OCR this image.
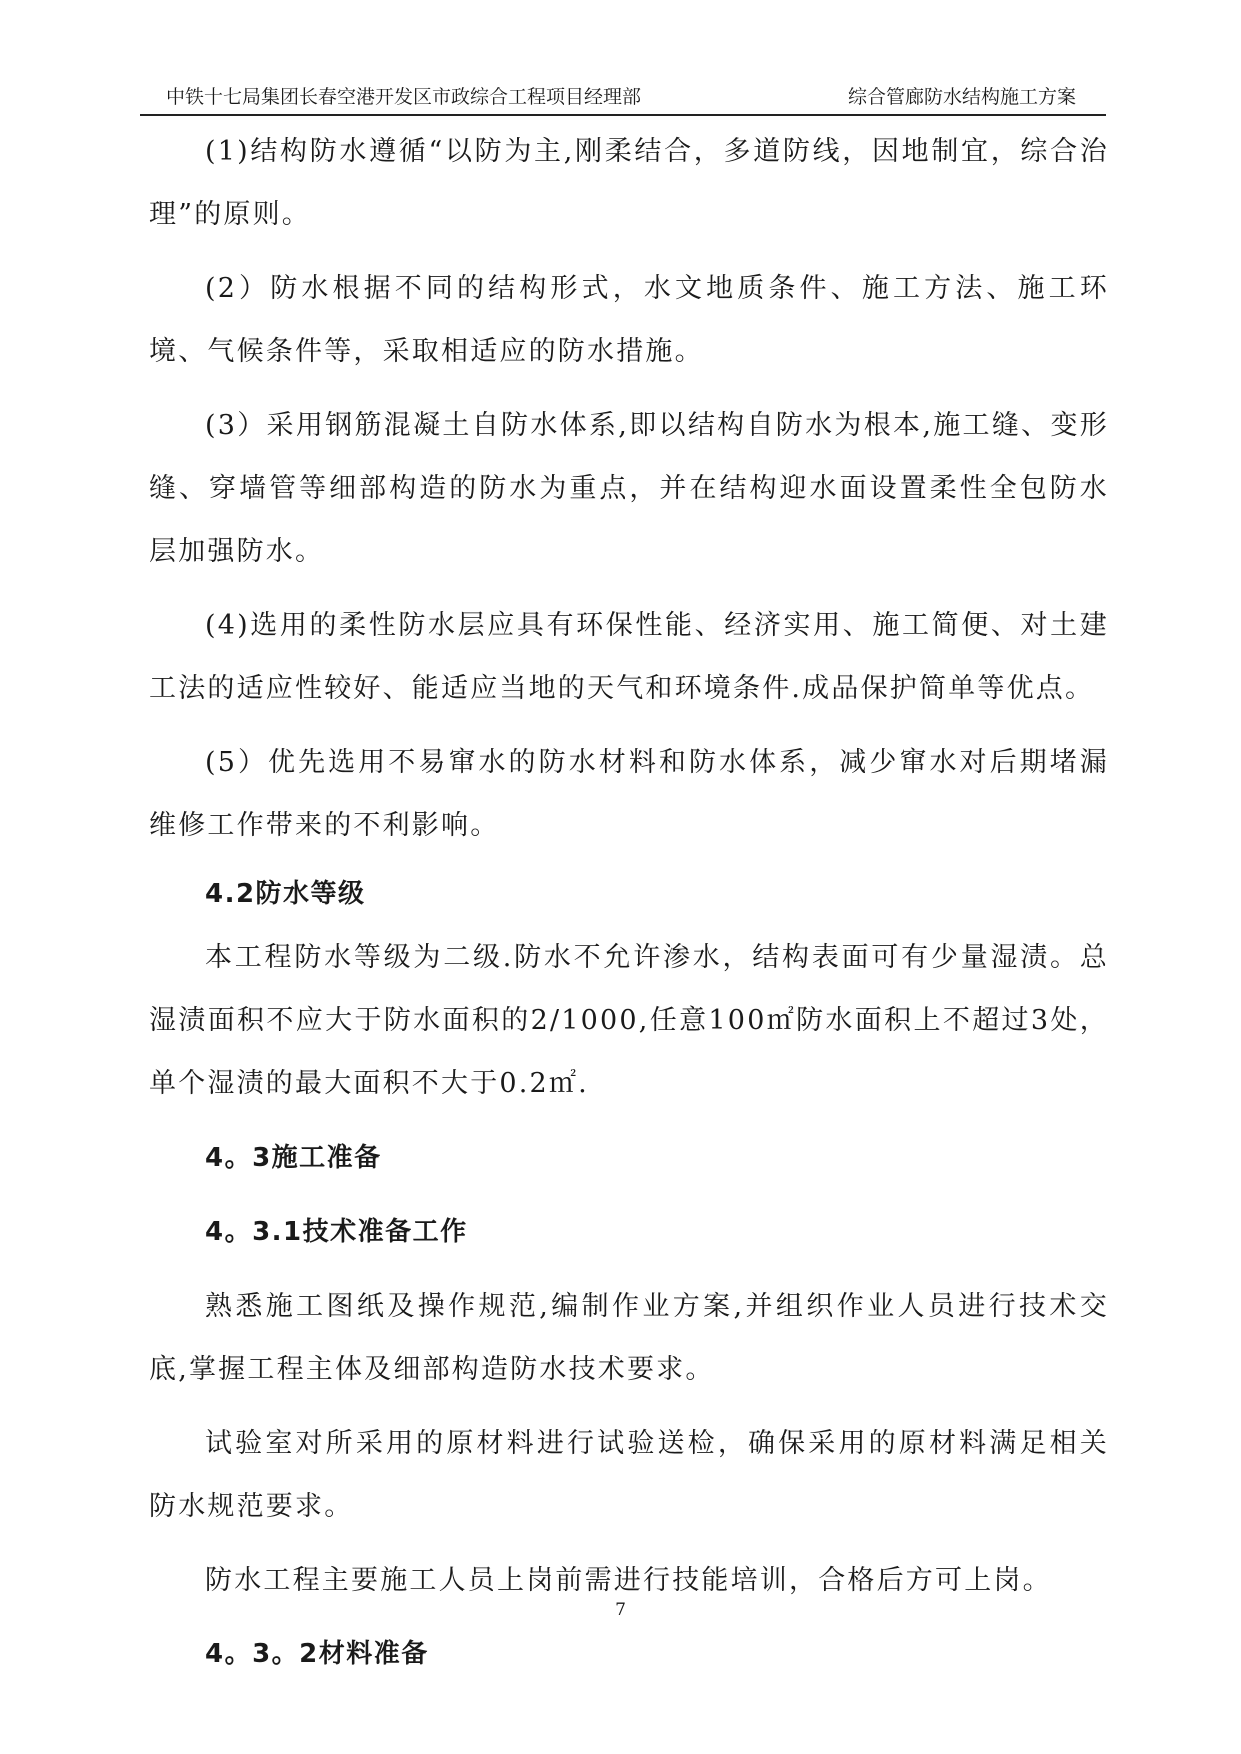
中铁十七局集团长春空港开发区市政综合工程项目经理部	综合管廊防水结构施工方案

(1)结构防水遵循“以防为主,刚柔结合，多道防线，因地制宜，综合治理”的原则。

(2）防水根据不同的结构形式，水文地质条件、施工方法、施工环境、气候条件等，采取相适应的防水措施。

(3）采用钢筋混凝土自防水体系,即以结构自防水为根本,施工缝、变形缝、穿墙管等细部构造的防水为重点，并在结构迎水面设置柔性全包防水层加强防水。

(4)选用的柔性防水层应具有环保性能、经济实用、施工简便、对土建工法的适应性较好、能适应当地的天气和环境条件.成品保护简单等优点。

(5）优先选用不易窜水的防水材料和防水体系，减少窜水对后期堵漏维修工作带来的不利影响。

4.2防水等级

本工程防水等级为二级.防水不允许渗水，结构表面可有少量湿渍。总湿渍面积不应大于防水面积的2/1000,任意100㎡防水面积上不超过3处，单个湿渍的最大面积不大于0.2㎡.

4。3施工准备
4。3.1技术准备工作

熟悉施工图纸及操作规范,编制作业方案,并组织作业人员进行技术交底,掌握工程主体及细部构造防水技术要求。

试验室对所采用的原材料进行试验送检，确保采用的原材料满足相关防水规范要求。

防水工程主要施工人员上岗前需进行技能培训，合格后方可上岗。

4。3。2材料准备
7
